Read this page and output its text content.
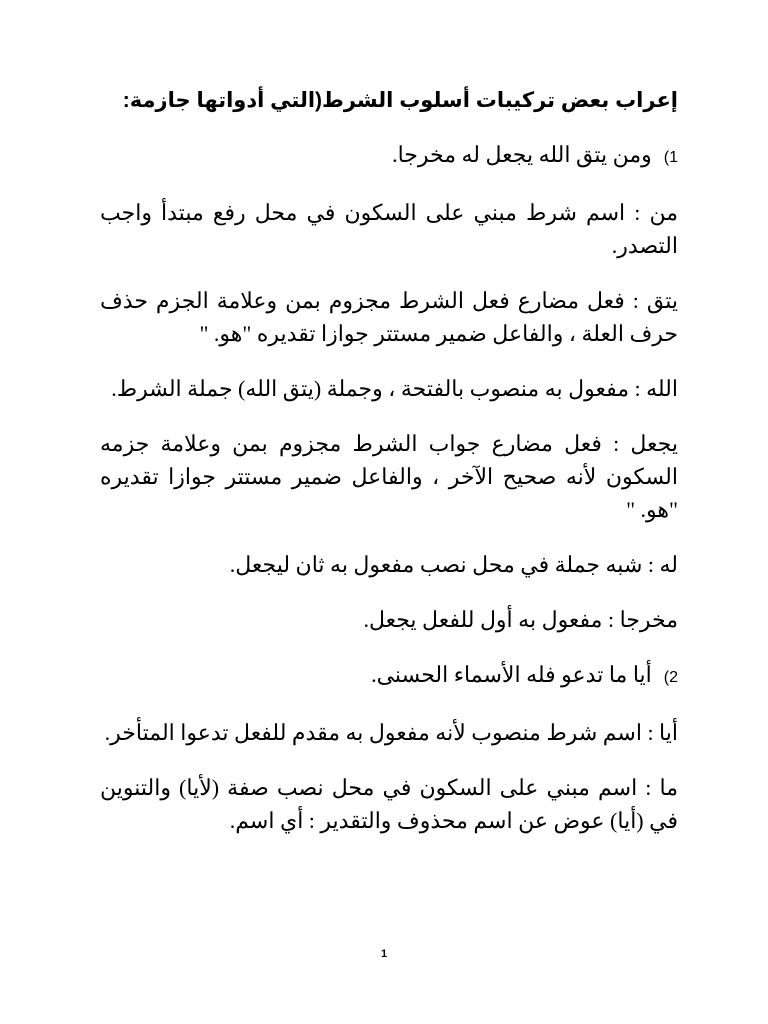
إعراب بعض تركيبات أسلوب الشرط(التي أدواتها جازمة:

1)ومن يتق الله يجعل له مخرجا.

من : اسم شرط مبني على السكون في محل رفع مبتدأ واجب التصدر.

يتق : فعل مضارع فعل الشرط مجزوم بمن وعلامة الجزم حذف حرف العلة ، والفاعل ضمير مستتر جوازا تقديره "هو. "

الله : مفعول به منصوب بالفتحة ، وجملة (يتق الله) جملة الشرط.

يجعل : فعل مضارع جواب الشرط مجزوم بمن وعلامة جزمه السكون لأنه صحيح الآخر ، والفاعل ضمير مستتر جوازا تقديره "هو. "

له : شبه جملة في محل نصب مفعول به ثان ليجعل.

مخرجا : مفعول به أول للفعل يجعل.

2)أيا ما تدعو فله الأسماء الحسنى.

أيا : اسم شرط منصوب لأنه مفعول به مقدم للفعل تدعوا المتأخر.

ما : اسم مبني على السكون في محل نصب صفة (لأيا) والتنوين في (أيا) عوض عن اسم محذوف والتقدير : أي اسم.

1
